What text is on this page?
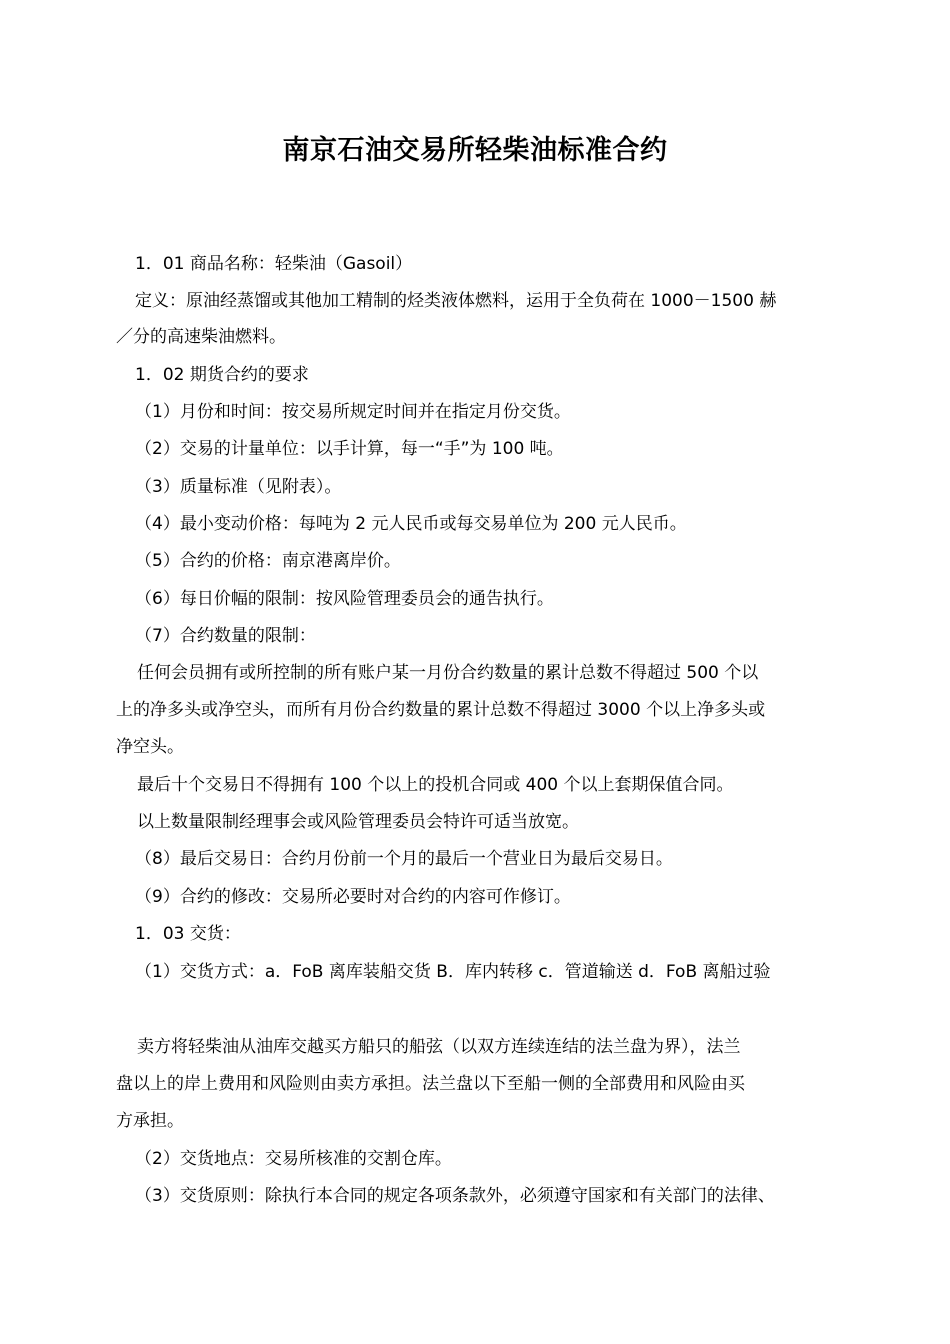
南京石油交易所轻柴油标准合约
1．01 商品名称：轻柴油（Gasoil）
定义：原油经蒸馏或其他加工精制的烃类液体燃料，运用于全负荷在 1000－1500 赫
／分的高速柴油燃料。
1．02 期货合约的要求
（1）月份和时间：按交易所规定时间并在指定月份交货。
（2）交易的计量单位：以手计算，每一“手”为 100 吨。
（3）质量标准（见附表）。
（4）最小变动价格：每吨为 2 元人民币或每交易单位为 200 元人民币。
（5）合约的价格：南京港离岸价。
（6）每日价幅的限制：按风险管理委员会的通告执行。
（7）合约数量的限制：
任何会员拥有或所控制的所有账户某一月份合约数量的累计总数不得超过 500 个以
上的净多头或净空头，而所有月份合约数量的累计总数不得超过 3000 个以上净多头或
净空头。
最后十个交易日不得拥有 100 个以上的投机合同或 400 个以上套期保值合同。
以上数量限制经理事会或风险管理委员会特许可适当放宽。
（8）最后交易日：合约月份前一个月的最后一个营业日为最后交易日。
（9）合约的修改：交易所必要时对合约的内容可作修订。
1．03 交货：
（1）交货方式：a．FoB 离库装船交货 B．库内转移 c．管道输送 d．FoB 离船过验
卖方将轻柴油从油库交越买方船只的船弦（以双方连续连结的法兰盘为界），法兰
盘以上的岸上费用和风险则由卖方承担。法兰盘以下至船一侧的全部费用和风险由买
方承担。
（2）交货地点：交易所核准的交割仓库。
（3）交货原则：除执行本合同的规定各项条款外，必须遵守国家和有关部门的法律、
